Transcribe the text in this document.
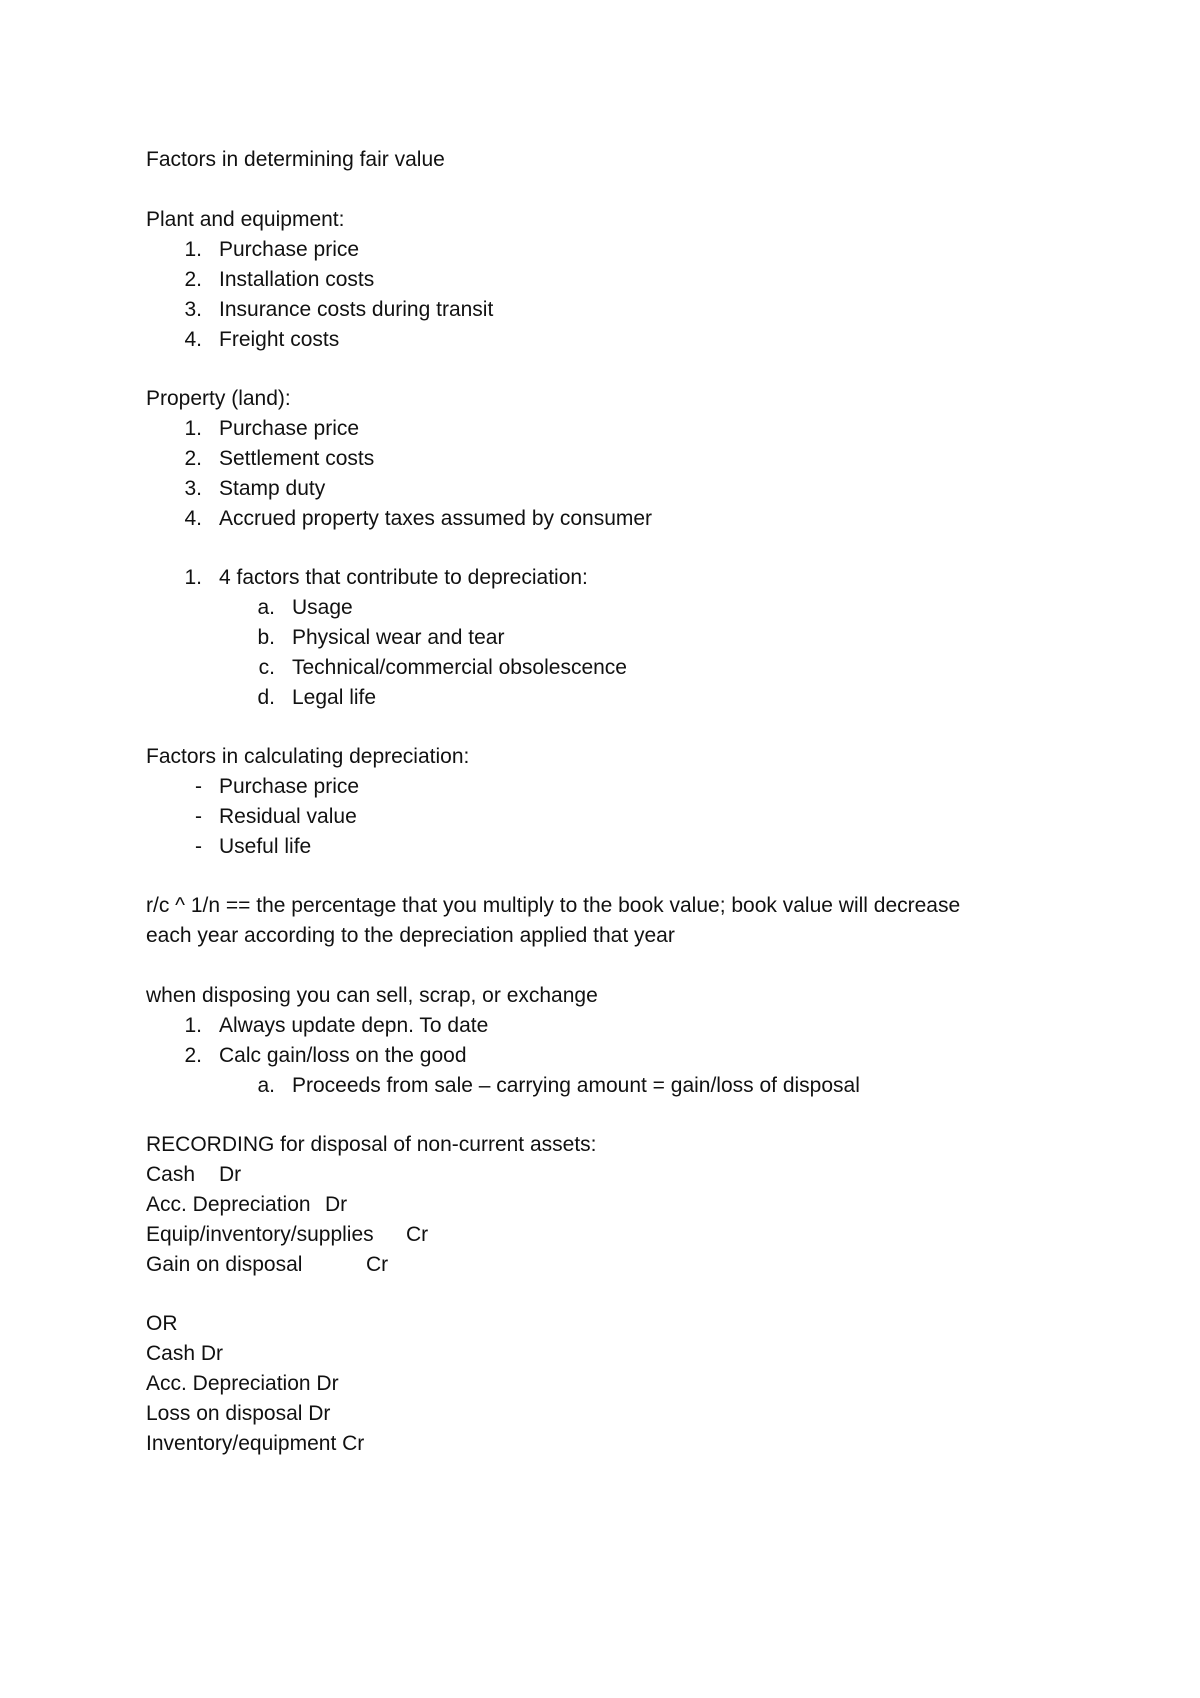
Factors in determining fair value
Plant and equipment:
1. Purchase price
2. Installation costs
3. Insurance costs during transit
4. Freight costs
Property (land):
1. Purchase price
2. Settlement costs
3. Stamp duty
4. Accrued property taxes assumed by consumer
1. 4 factors that contribute to depreciation:
a. Usage
b. Physical wear and tear
c. Technical/commercial obsolescence
d. Legal life
Factors in calculating depreciation:
- Purchase price
- Residual value
- Useful life
r/c ^ 1/n == the percentage that you multiply to the book value; book value will decrease
each year according to the depreciation applied that year
when disposing you can sell, scrap, or exchange
1. Always update depn. To date
2. Calc gain/loss on the good
a. Proceeds from sale – carrying amount = gain/loss of disposal
RECORDING for disposal of non-current assets:
Cash Dr
Acc. Depreciation Dr
Equip/inventory/supplies Cr
Gain on disposal	Cr
OR
Cash Dr
Acc. Depreciation Dr
Loss on disposal Dr
Inventory/equipment Cr
